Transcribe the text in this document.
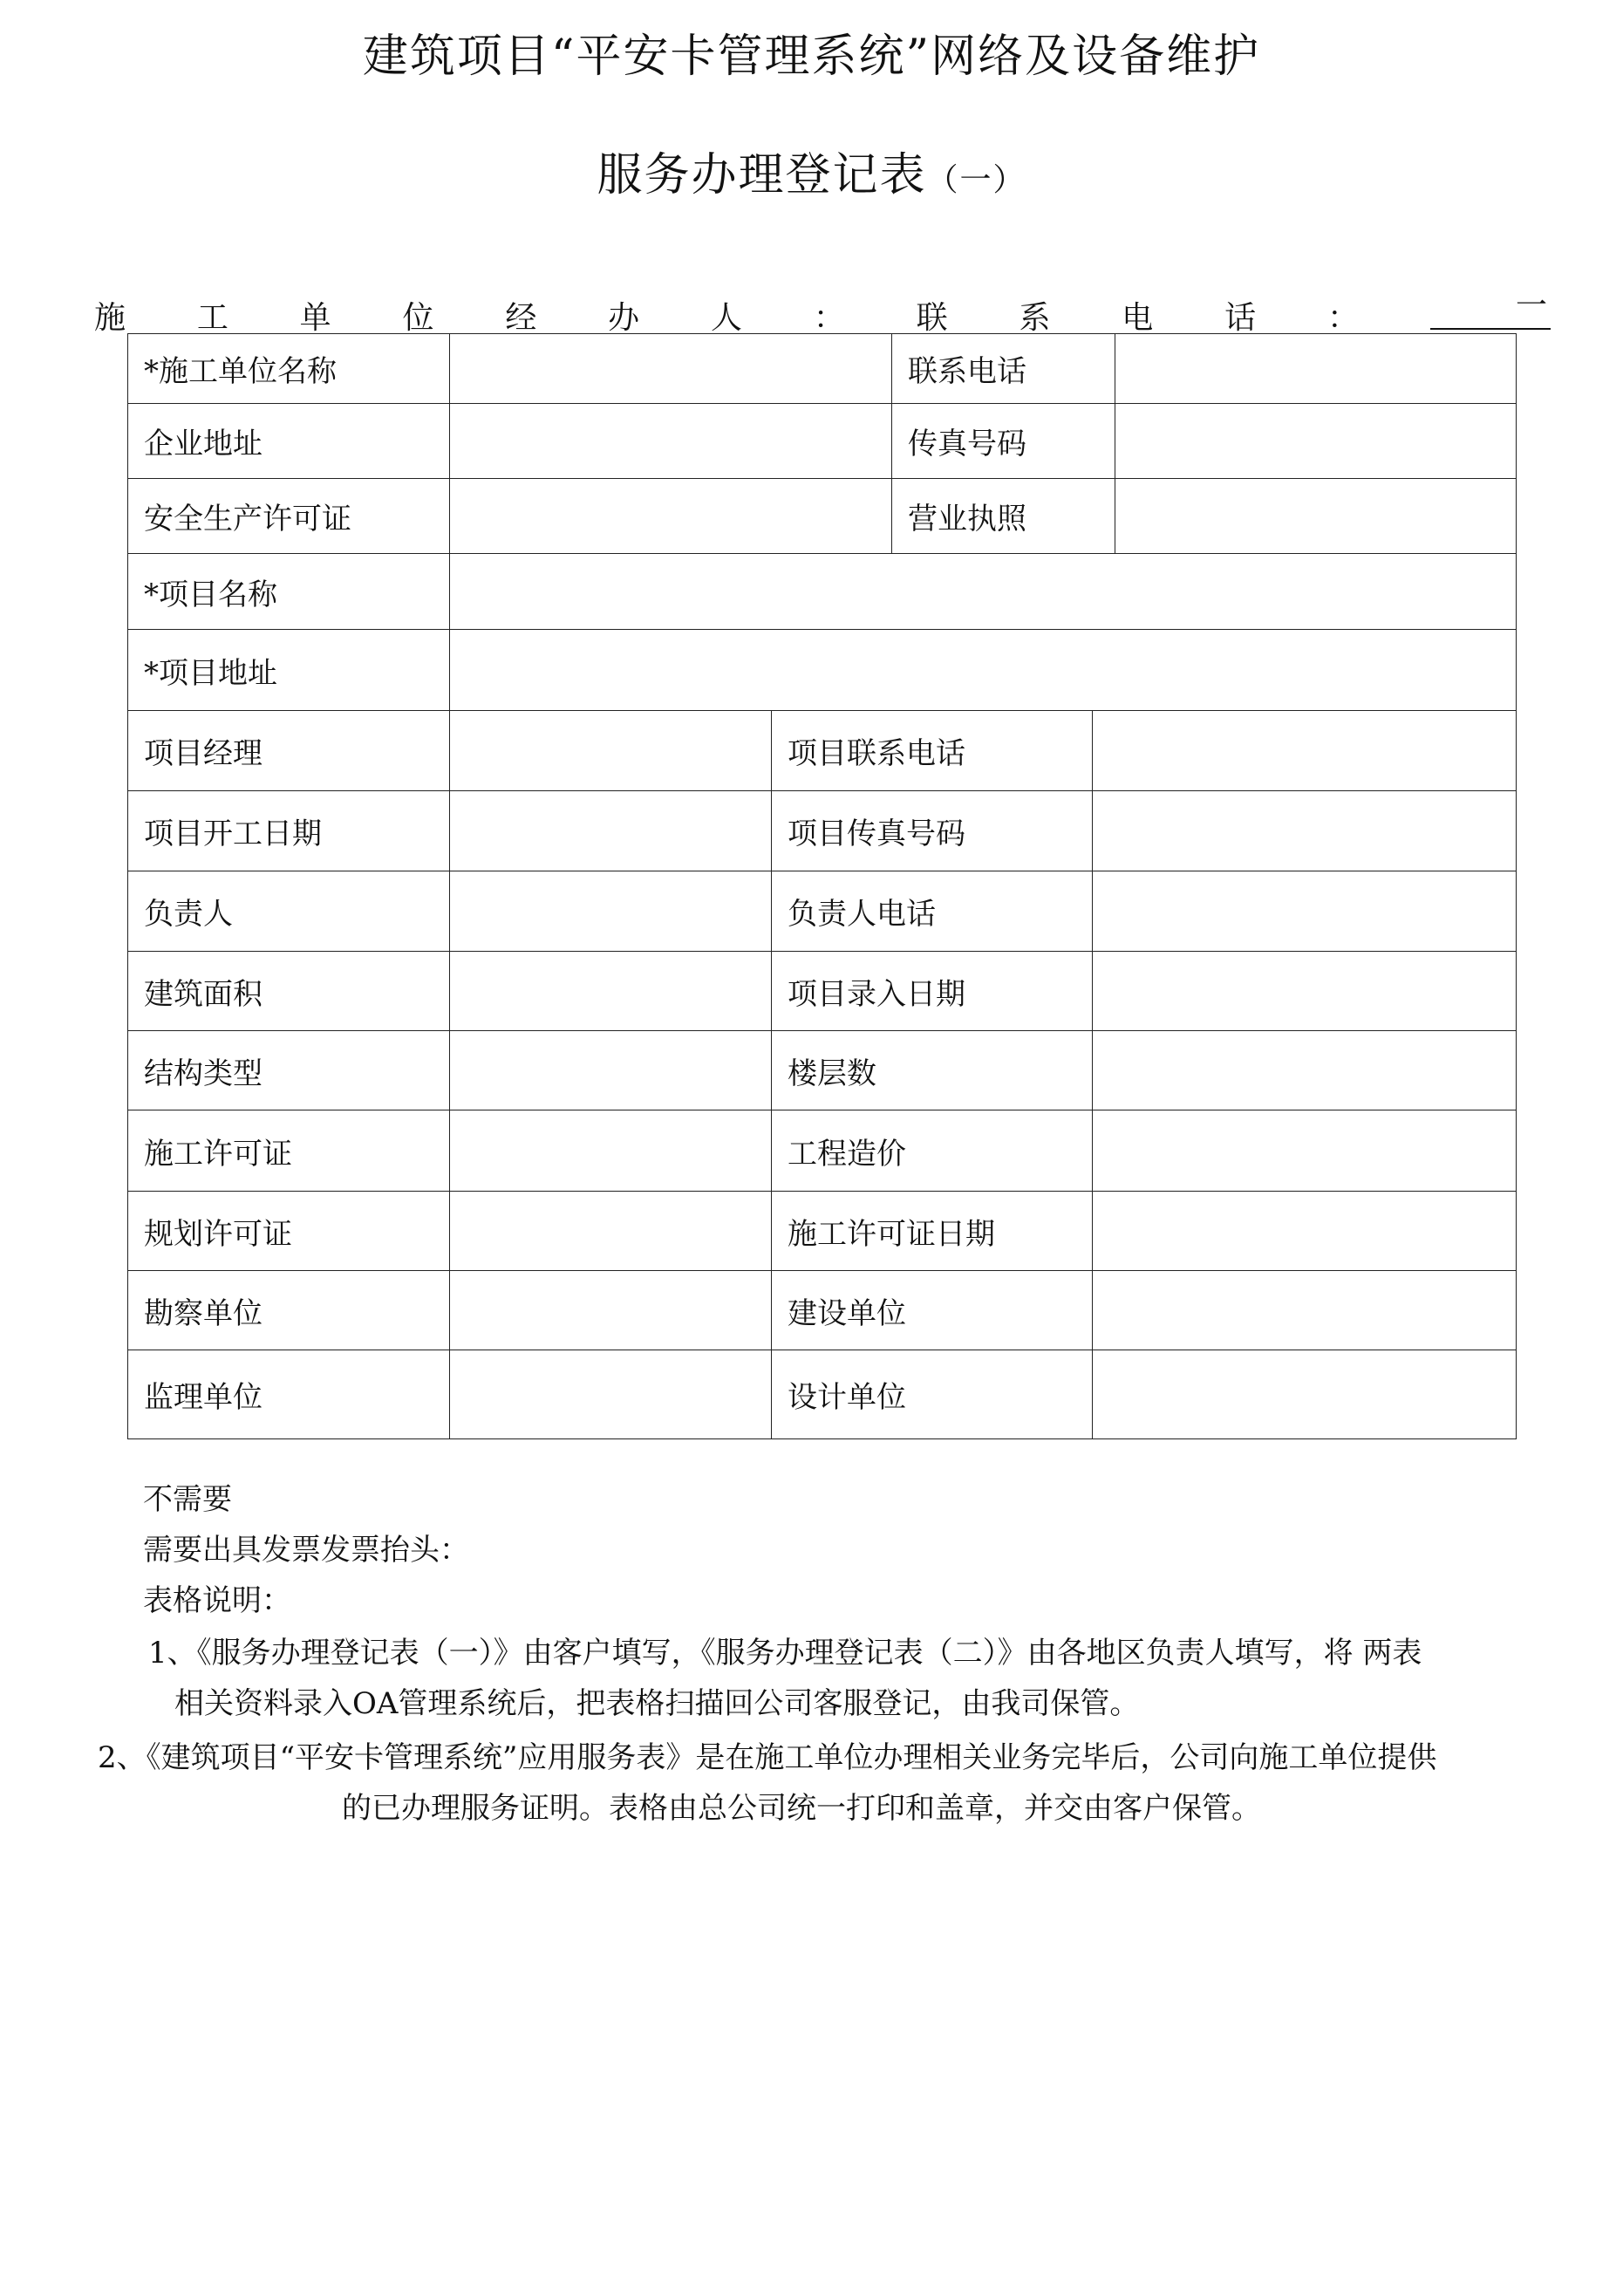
建筑项目“平安卡管理系统”网络及设备维护
服务办理登记表（一）
施 工 单 位 经 办 人 ： 联 系 电 话 ：	一
*施工单位名称		联系电话	
企业地址		传真号码	
安全生产许可证		营业执照	
*项目名称			
*项目地址			
项目经理		项目联系电话	
项目开工日期		项目传真号码	
负责人		负责人电话	
建筑面积		项目录入日期	
结构类型		楼层数	
施工许可证		工程造价	
规划许可证		施工许可证日期	
勘察单位		建设单位	
监理单位		设计单位	

不需要

需要出具发票发票抬头：

表格说明：

1、《服务办理登记表（一）》由客户填写，《服务办理登记表（二）》由各地区负责人填写，将 两表

相关资料录入OA管理系统后，把表格扫描回公司客服登记，由我司保管。

2、《建筑项目“平安卡管理系统”应用服务表》是在施工单位办理相关业务完毕后，公司向施工单位提供

的已办理服务证明。表格由总公司统一打印和盖章，并交由客户保管。
